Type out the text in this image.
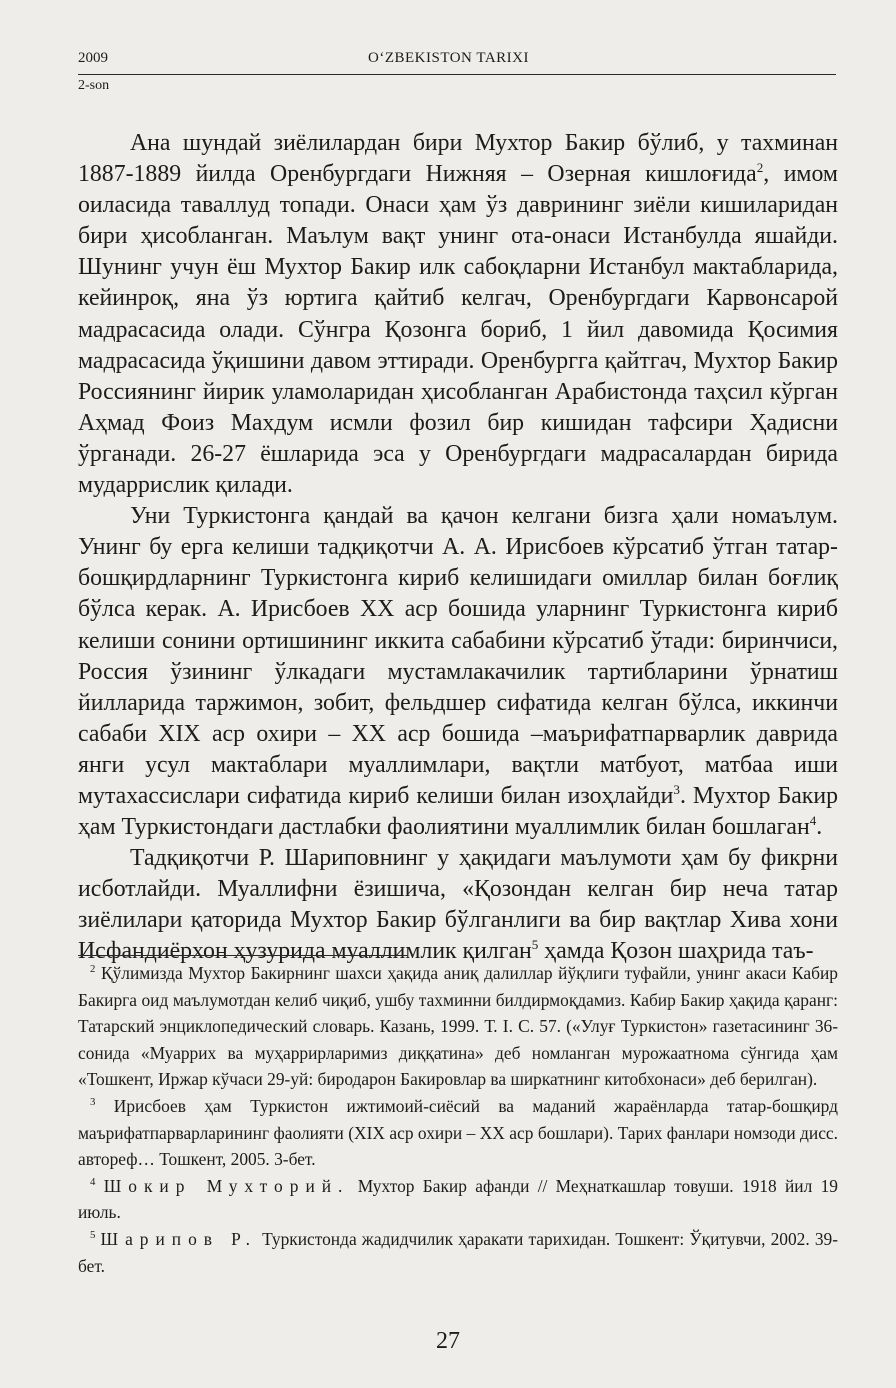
2009	O‘ZBEKISTON TARIXI
2-son

Ана шундай зиёлилардан бири Мухтор Бакир бўлиб, у тахминан 1887-1889 йилда Оренбургдаги Нижняя – Озерная кишлоғида$^2$, имом оиласида таваллуд топади. Онаси ҳам ўз даврининг зиёли кишиларидан бири ҳисобланган. Маълум вақт унинг ота-онаси Истанбулда яшайди. Шунинг учун ёш Мухтор Бакир илк сабоқларни Истанбул мактабларида, кейинроқ, яна ўз юртига қайтиб келгач, Оренбургдаги Карвонсарой мадрасасида олади. Сўнгра Қозонга бориб, 1 йил давомида Қосимия мадрасасида ўқишини давом эттиради. Оренбургга қайтгач, Мухтор Бакир Россиянинг йирик уламоларидан ҳисобланган Арабистонда таҳсил кўрган Аҳмад Фоиз Махдум исмли фозил бир кишидан тафсири Ҳадисни ўрганади. 26-27 ёшларида эса у Оренбургдаги мадрасалардан бирида мударрислик қилади.

Уни Туркистонга қандай ва қачон келгани бизга ҳали номаълум. Унинг бу ерга келиши тадқиқотчи А. А. Ирисбоев кўрсатиб ўтган татар-бошқирдларнинг Туркистонга кириб келишидаги омиллар билан боғлиқ бўлса керак. А. Ирисбоев XX аср бошида уларнинг Туркистонга кириб келиши сонини ортишининг иккита сабабини кўрсатиб ўтади: биринчиси, Россия ўзининг ўлкадаги мустамлакачилик тартибларини ўрнатиш йилларида таржимон, зобит, фельдшер сифатида келган бўлса, иккинчи сабаби XIX аср охири – XX аср бошида –маърифатпарварлик даврида янги усул мактаблари муаллимлари, вақтли матбуот, матбаа иши мутахассислари сифатида кириб келиши билан изоҳлайди$^3$. Мухтор Бакир ҳам Туркистондаги дастлабки фаолиятини муаллимлик билан бошлаган$^4$.

Тадқиқотчи Р. Шариповнинг у ҳақидаги маълумоти ҳам бу фикрни исботлайди. Муаллифни ёзишича, «Қозондан келган бир неча татар зиёлилари қаторида Мухтор Бакир бўлганлиги ва бир вақтлар Хива хони Исфандиёрхон ҳузурида муаллимлик қилган$^5$ ҳамда Қозон шаҳрида таъ-

$^2$ Қўлимизда Мухтор Бакирнинг шахси ҳақида аниқ далиллар йўқлиги туфайли, унинг акаси Кабир Бакирга оид маълумотдан келиб чиқиб, ушбу тахминни билдирмоқдамиз. Кабир Бакир ҳақида қаранг: Татарский энциклопедический словарь. Казань, 1999. Т. I. С. 57. («Улуғ Туркистон» газетасининг 36-сонида «Муаррих ва муҳаррирларимиз диққатина» деб номланган мурожаатнома сўнгида ҳам «Тошкент, Иржар кўчаси 29-уй: биродарон Бакировлар ва ширкатнинг китобхонаси» деб берилган).

$^3$ Ирисбоев ҳам Туркистон ижтимоий-сиёсий ва маданий жараёнларда татар-бошқирд маърифатпарварларининг фаолияти (XIX аср охири – XX аср бошлари). Тарих фанлари номзоди дисс. автореф… Тошкент, 2005. 3-бет.

$^4$ Шокир Мухторий. Мухтор Бакир афанди // Меҳнаткашлар товуши. 1918 йил 19 июль.

$^5$ Шарипов Р. Туркистонда жадидчилик ҳаракати тарихидан. Тошкент: Ўқитувчи, 2002. 39-бет.

27
